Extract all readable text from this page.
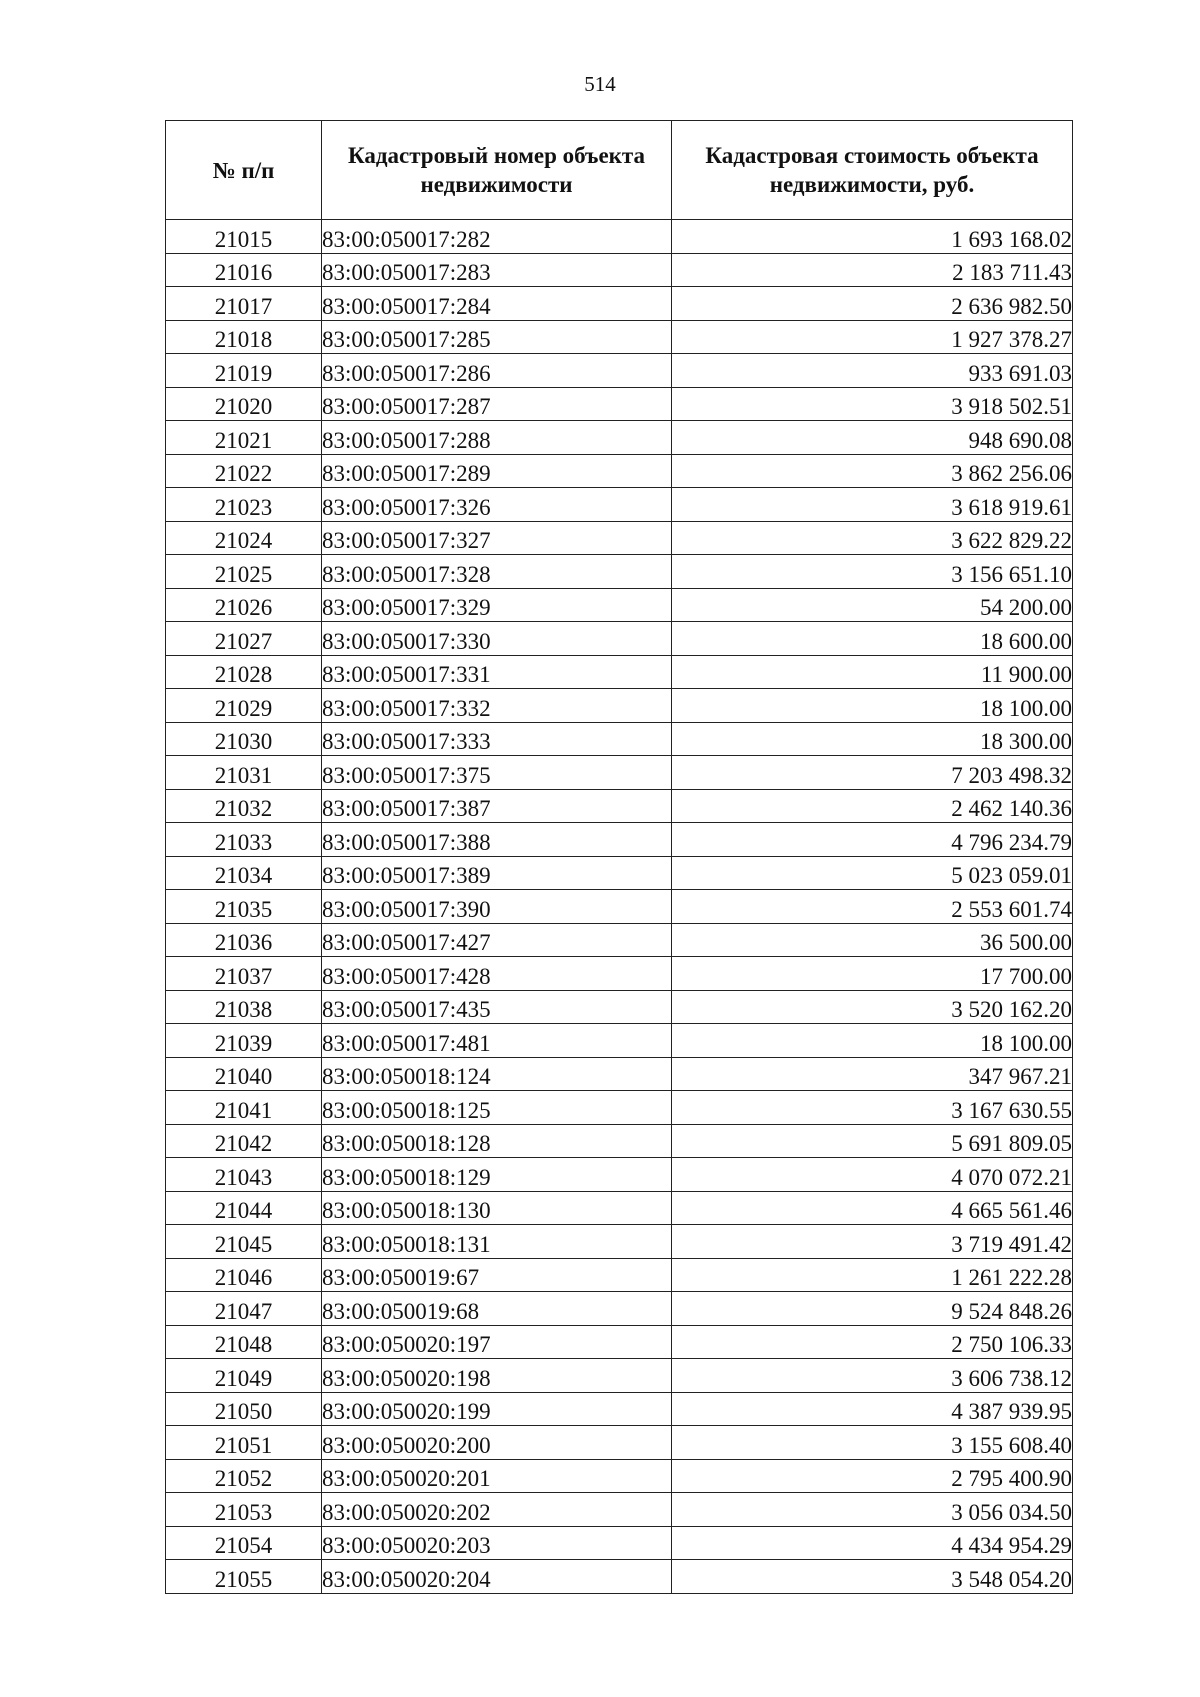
514
№ п/п	Кадастровый номер объекта недвижимости	Кадастровая стоимость объекта недвижимости, руб.
21015	83:00:050017:282	1 693 168.02
21016	83:00:050017:283	2 183 711.43
21017	83:00:050017:284	2 636 982.50
21018	83:00:050017:285	1 927 378.27
21019	83:00:050017:286	933 691.03
21020	83:00:050017:287	3 918 502.51
21021	83:00:050017:288	948 690.08
21022	83:00:050017:289	3 862 256.06
21023	83:00:050017:326	3 618 919.61
21024	83:00:050017:327	3 622 829.22
21025	83:00:050017:328	3 156 651.10
21026	83:00:050017:329	54 200.00
21027	83:00:050017:330	18 600.00
21028	83:00:050017:331	11 900.00
21029	83:00:050017:332	18 100.00
21030	83:00:050017:333	18 300.00
21031	83:00:050017:375	7 203 498.32
21032	83:00:050017:387	2 462 140.36
21033	83:00:050017:388	4 796 234.79
21034	83:00:050017:389	5 023 059.01
21035	83:00:050017:390	2 553 601.74
21036	83:00:050017:427	36 500.00
21037	83:00:050017:428	17 700.00
21038	83:00:050017:435	3 520 162.20
21039	83:00:050017:481	18 100.00
21040	83:00:050018:124	347 967.21
21041	83:00:050018:125	3 167 630.55
21042	83:00:050018:128	5 691 809.05
21043	83:00:050018:129	4 070 072.21
21044	83:00:050018:130	4 665 561.46
21045	83:00:050018:131	3 719 491.42
21046	83:00:050019:67	1 261 222.28
21047	83:00:050019:68	9 524 848.26
21048	83:00:050020:197	2 750 106.33
21049	83:00:050020:198	3 606 738.12
21050	83:00:050020:199	4 387 939.95
21051	83:00:050020:200	3 155 608.40
21052	83:00:050020:201	2 795 400.90
21053	83:00:050020:202	3 056 034.50
21054	83:00:050020:203	4 434 954.29
21055	83:00:050020:204	3 548 054.20
